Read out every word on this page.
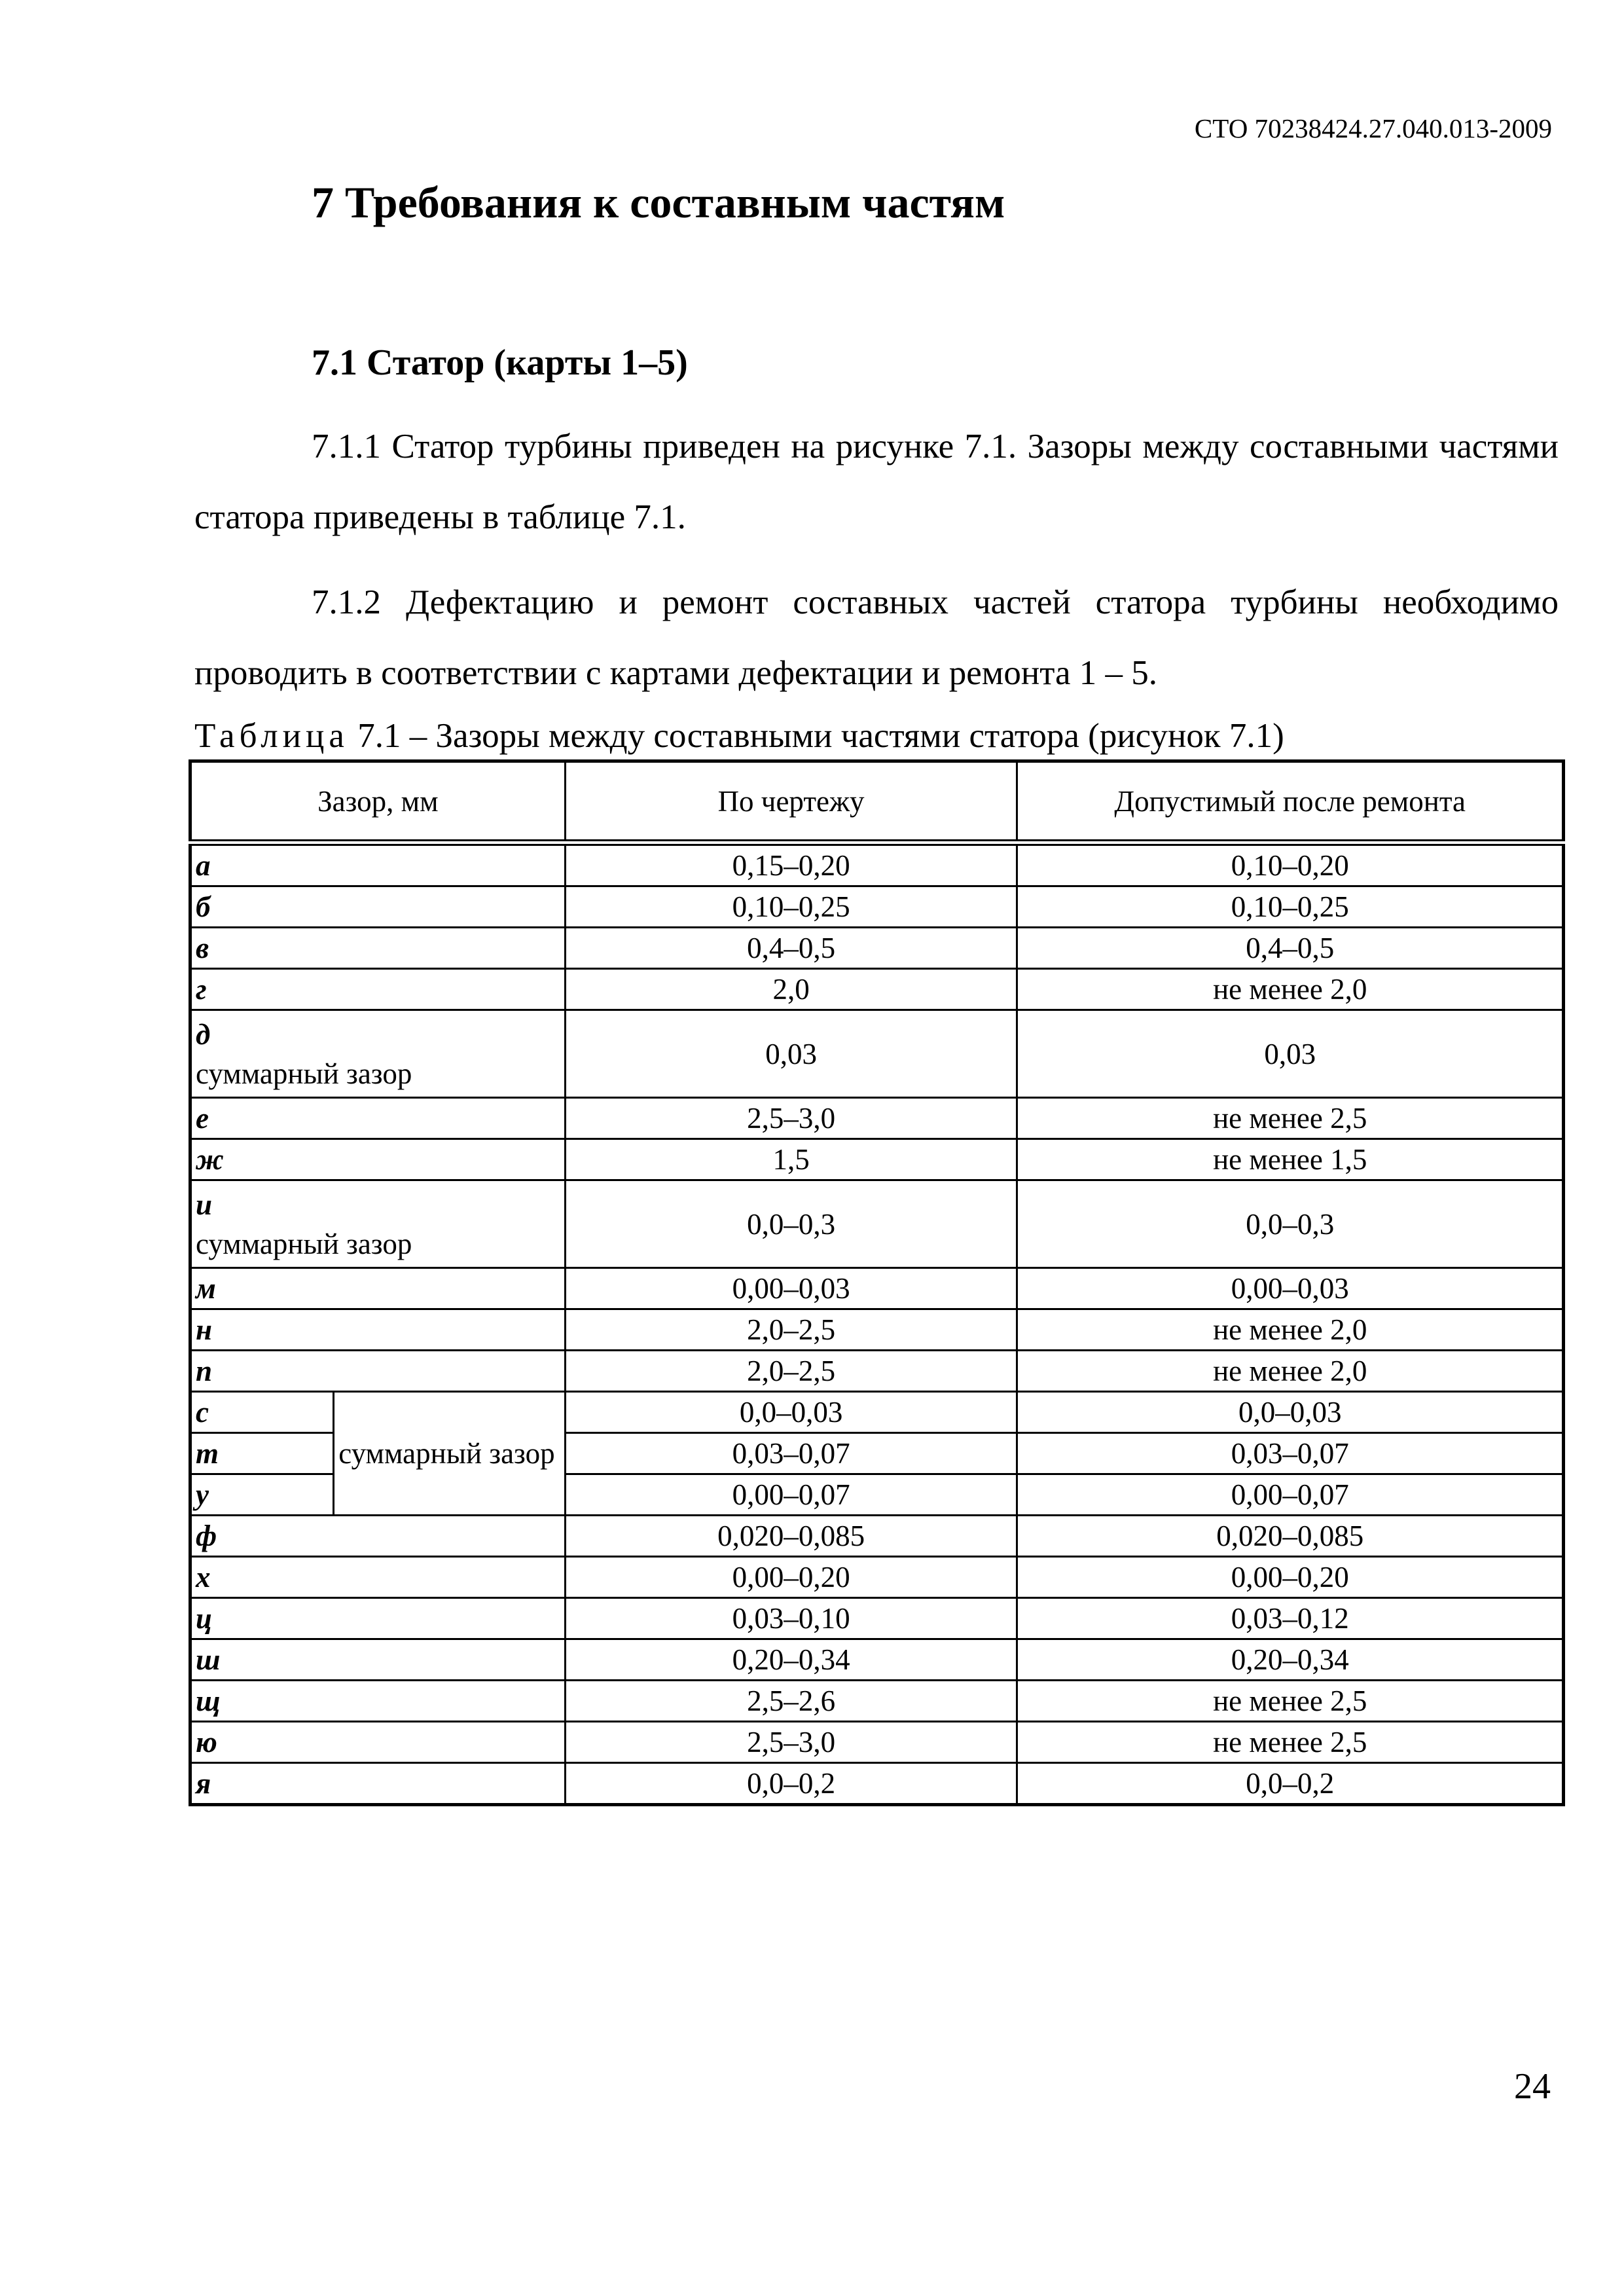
СТО 70238424.27.040.013-2009
7 Требования к составным частям
7.1 Статор (карты 1–5)

7.1.1 Статор турбины приведен на рисунке 7.1. Зазоры между составными частями статора приведены в таблице 7.1.

7.1.2 Дефектацию и ремонт составных частей статора турбины необходимо проводить в соответствии с картами дефектации и ремонта 1 – 5.

Таблица 7.1 – Зазоры между составными частями статора (рисунок 7.1)
Зазор, мм		По чертежу	Допустимый после ремонта
а		0,15–0,20	0,10–0,20
б		0,10–0,25	0,10–0,25
в		0,4–0,5	0,4–0,5
г		2,0	не менее 2,0

д
суммарный зазор		0,03	0,03
е		2,5–3,0	не менее 2,5
ж		1,5	не менее 1,5

и
суммарный зазор		0,0–0,3	0,0–0,3
м		0,00–0,03	0,00–0,03
н		2,0–2,5	не менее 2,0
п		2,0–2,5	не менее 2,0
с	суммарный зазор	0,0–0,03	0,0–0,03
т		0,03–0,07	0,03–0,07
у		0,00–0,07	0,00–0,07
ф		0,020–0,085	0,020–0,085
х		0,00–0,20	0,00–0,20
ц		0,03–0,10	0,03–0,12
ш		0,20–0,34	0,20–0,34
щ		2,5–2,6	не менее 2,5
ю		2,5–3,0	не менее 2,5
я		0,0–0,2	0,0–0,2
24
